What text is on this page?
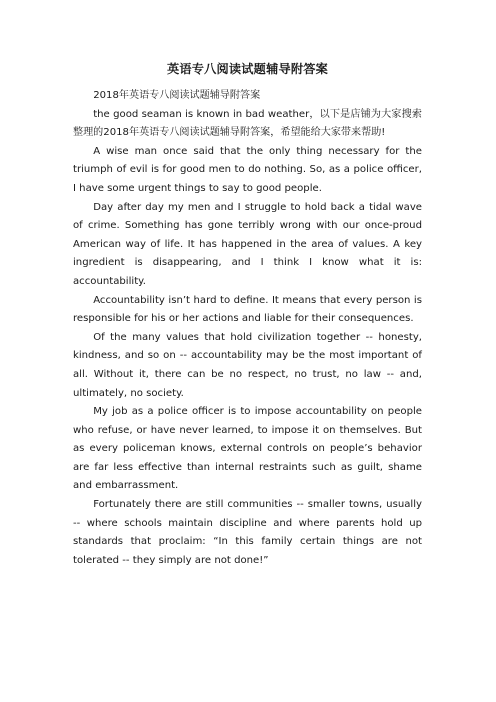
英语专八阅读试题辅导附答案

2018年英语专八阅读试题辅导附答案

the good seaman is known in bad weather，以下是店铺为大家搜索整理的2018年英语专八阅读试题辅导附答案，希望能给大家带来帮助!

A wise man once said that the only thing necessary for the triumph of evil is for good men to do nothing. So, as a police officer, I have some urgent things to say to good people.

Day after day my men and I struggle to hold back a tidal wave of crime. Something has gone terribly wrong with our once-proud American way of life. It has happened in the area of values. A key ingredient is disappearing, and I think I know what it is: accountability.

Accountability isn’t hard to define. It means that every person is responsible for his or her actions and liable for their consequences.

Of the many values that hold civilization together -- honesty, kindness, and so on -- accountability may be the most important of all. Without it, there can be no respect, no trust, no law -- and, ultimately, no society.

My job as a police officer is to impose accountability on people who refuse, or have never learned, to impose it on themselves. But as every policeman knows, external controls on people’s behavior are far less effective than internal restraints such as guilt, shame and embarrassment.

Fortunately there are still communities -- smaller towns, usually -- where schools maintain discipline and where parents hold up standards that proclaim: “In this family certain things are not tolerated -- they simply are not done!”
